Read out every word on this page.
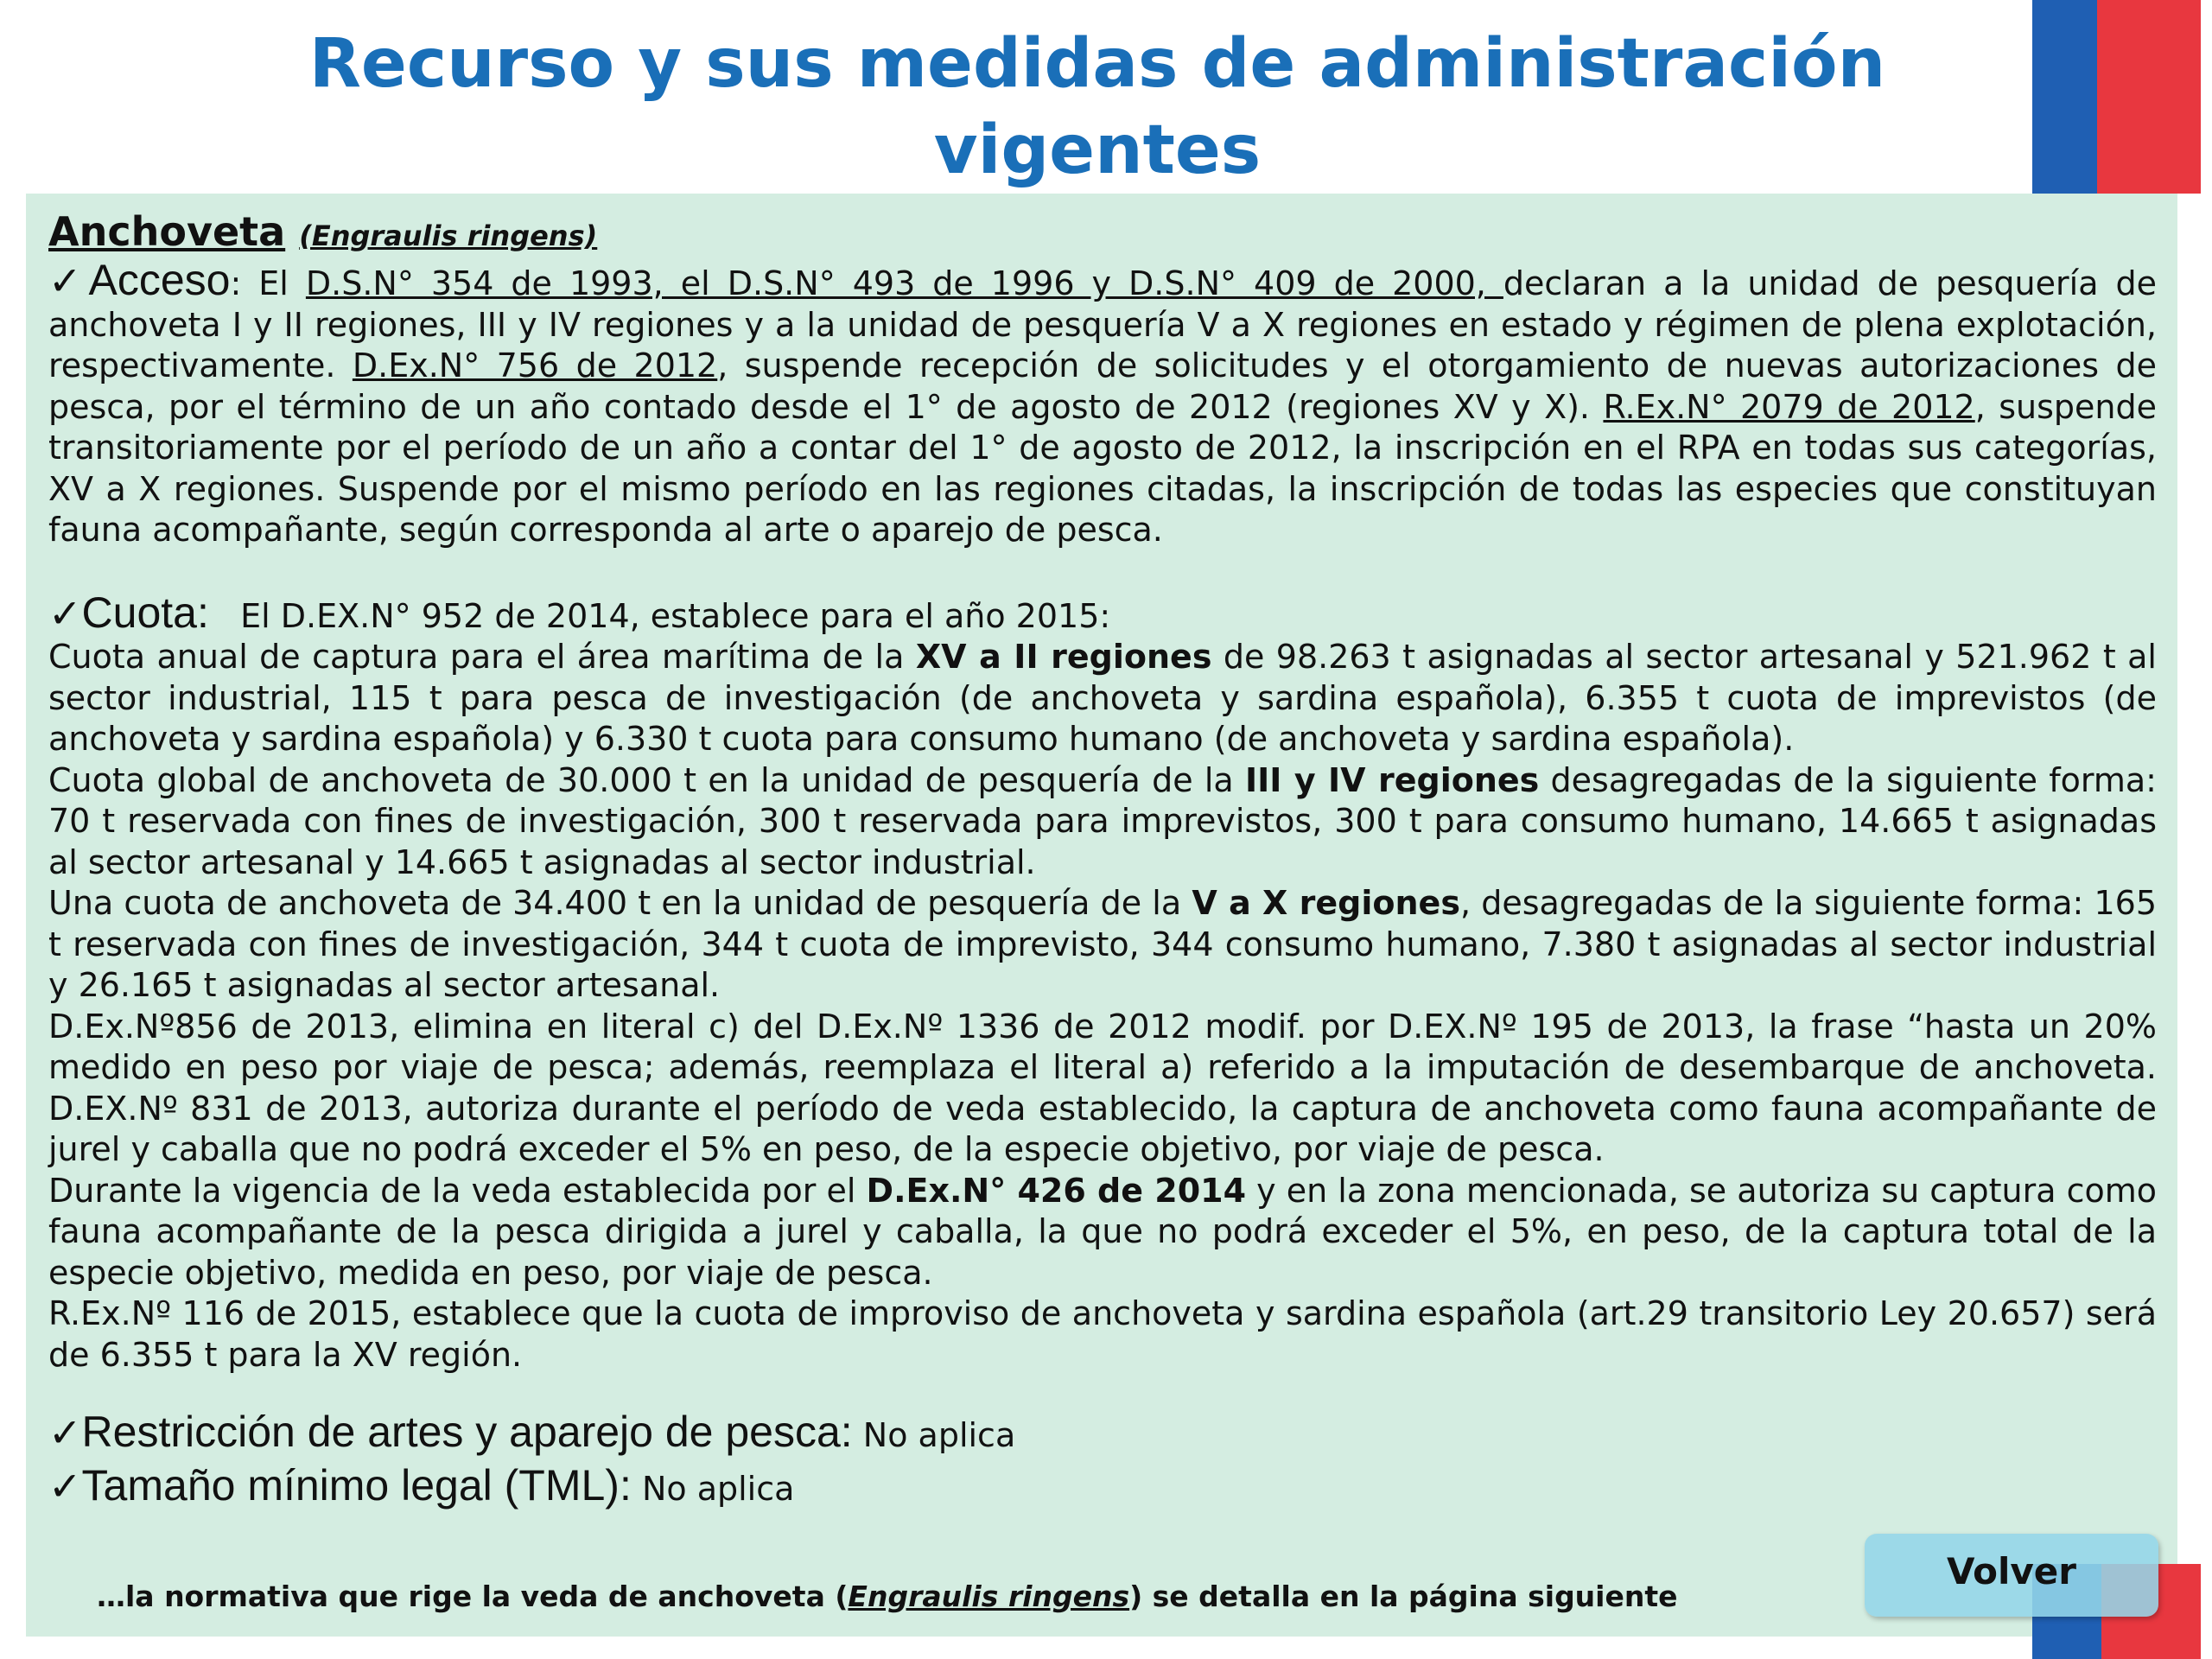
Recurso y sus medidas de administración vigentes

Anchoveta (Engraulis ringens)

✓Acceso: El D.S.N° 354 de 1993, el D.S.N° 493 de 1996 y D.S.N° 409 de 2000, declaran a la unidad de pesquería de anchoveta I y II regiones, III y IV regiones y a la unidad de pesquería V a X regiones en estado y régimen de plena explotación, respectivamente. D.Ex.N° 756 de 2012, suspende recepción de solicitudes y el otorgamiento de nuevas autorizaciones de pesca, por el término de un año contado desde el 1° de agosto de 2012 (regiones XV y X). R.Ex.N° 2079 de 2012, suspende transitoriamente por el período de un año a contar del 1° de agosto de 2012, la inscripción en el RPA en todas sus categorías, XV a X regiones. Suspende por el mismo período en las regiones citadas, la inscripción de todas las especies que constituyan fauna acompañante, según corresponda al arte o aparejo de pesca.

✓Cuota:   El D.EX.N° 952 de 2014, establece para el año 2015:

Cuota anual de captura para el área marítima de la XV a II regiones de 98.263 t asignadas al sector artesanal y 521.962 t al sector industrial, 115 t para pesca de investigación (de anchoveta y sardina española), 6.355 t cuota de imprevistos (de anchoveta y sardina española) y 6.330 t cuota para consumo humano (de anchoveta y sardina española).

Cuota global de anchoveta de 30.000 t en la unidad de pesquería de la III y IV regiones desagregadas de la siguiente forma: 70 t reservada con fines de investigación, 300 t reservada para imprevistos, 300 t para consumo humano, 14.665 t asignadas al sector artesanal y 14.665 t asignadas al sector industrial.

Una cuota de anchoveta de 34.400 t en la unidad de pesquería de la V a X regiones, desagregadas de la siguiente forma: 165 t reservada con fines de investigación, 344 t cuota de imprevisto, 344 consumo humano, 7.380 t asignadas al sector industrial y 26.165 t asignadas al sector artesanal.

D.Ex.Nº856 de 2013, elimina en literal c) del D.Ex.Nº 1336 de 2012 modif. por D.EX.Nº 195 de 2013, la frase “hasta un 20% medido en peso por viaje de pesca; además, reemplaza el literal a) referido a la imputación de desembarque de anchoveta. D.EX.Nº 831 de 2013, autoriza durante el período de veda establecido, la captura de anchoveta como fauna acompañante de jurel y caballa que no podrá exceder el 5% en peso, de la especie objetivo, por viaje de pesca.

Durante la vigencia de la veda establecida por el D.Ex.N° 426 de 2014 y en la zona mencionada, se autoriza su captura como fauna acompañante de la pesca dirigida a jurel y caballa, la que no podrá exceder el 5%, en peso, de la captura total de la especie objetivo, medida en peso, por viaje de pesca.

R.Ex.Nº 116 de 2015, establece que la cuota de improviso de anchoveta y sardina española (art.29 transitorio Ley 20.657) será de 6.355 t para la XV región.

✓Restricción de artes y aparejo de pesca: No aplica

✓Tamaño mínimo legal (TML): No aplica

…la normativa que rige la veda de anchoveta (Engraulis ringens) se detalla en la página siguiente
Volver
